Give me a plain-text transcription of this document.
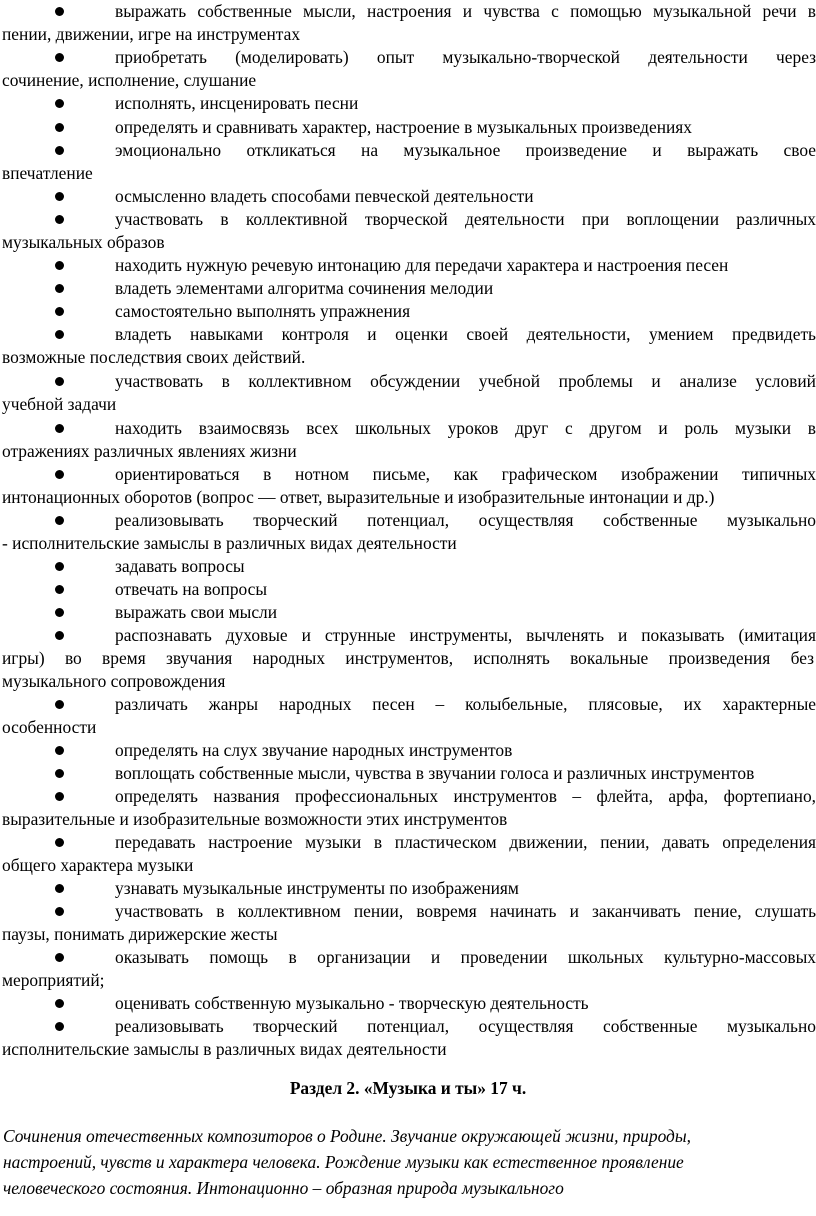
выражать собственные мысли, настроения и чувства с помощью музыкальной речи в
пении, движении, игре на инструментах
приобретать (моделировать) опыт музыкально-творческой деятельности через
сочинение, исполнение, слушание
исполнять, инсценировать песни
определять и сравнивать характер, настроение в музыкальных произведениях
эмоционально откликаться на музыкальное произведение и выражать свое
впечатление
осмысленно владеть способами певческой деятельности
участвовать в коллективной творческой деятельности при воплощении различных
музыкальных образов
находить нужную речевую интонацию для передачи характера и настроения песен
владеть элементами алгоритма сочинения мелодии
самостоятельно выполнять упражнения
владеть навыками контроля и оценки своей деятельности, умением предвидеть
возможные последствия своих действий.
участвовать в коллективном обсуждении учебной проблемы и анализе условий
учебной задачи
находить взаимосвязь всех школьных уроков друг с другом и роль музыки в
отражениях различных явлениях жизни
ориентироваться в нотном письме, как графическом изображении типичных
интонационных оборотов (вопрос — ответ, выразительные и изобразительные интонации и др.)
реализовывать творческий потенциал, осуществляя собственные музыкально
- исполнительские замыслы в различных видах деятельности
задавать вопросы
отвечать на вопросы
выражать свои мысли
распознавать духовые и струнные инструменты, вычленять и показывать (имитация
игры) во время звучания народных инструментов, исполнять вокальные произведения без
музыкального сопровождения
различать жанры народных песен – колыбельные, плясовые, их характерные
особенности
определять на слух звучание народных инструментов
воплощать собственные мысли, чувства в звучании голоса и различных инструментов
определять названия профессиональных инструментов – флейта, арфа, фортепиано,
выразительные и изобразительные возможности этих инструментов
передавать настроение музыки в пластическом движении, пении, давать определения
общего характера музыки
узнавать музыкальные инструменты по изображениям
участвовать в коллективном пении, вовремя начинать и заканчивать пение, слушать
паузы, понимать дирижерские жесты
оказывать помощь в организации и проведении школьных культурно-массовых
мероприятий;
оценивать собственную музыкально - творческую деятельность
реализовывать творческий потенциал, осуществляя собственные музыкально
исполнительские замыслы в различных видах деятельности
Раздел 2. «Музыка и ты» 17 ч.
Сочинения отечественных композиторов о Родине. Звучание окружающей жизни, природы,
настроений, чувств и характера человека. Рождение музыки как естественное проявление
человеческого состояния. Интонационно – образная природа музыкального
